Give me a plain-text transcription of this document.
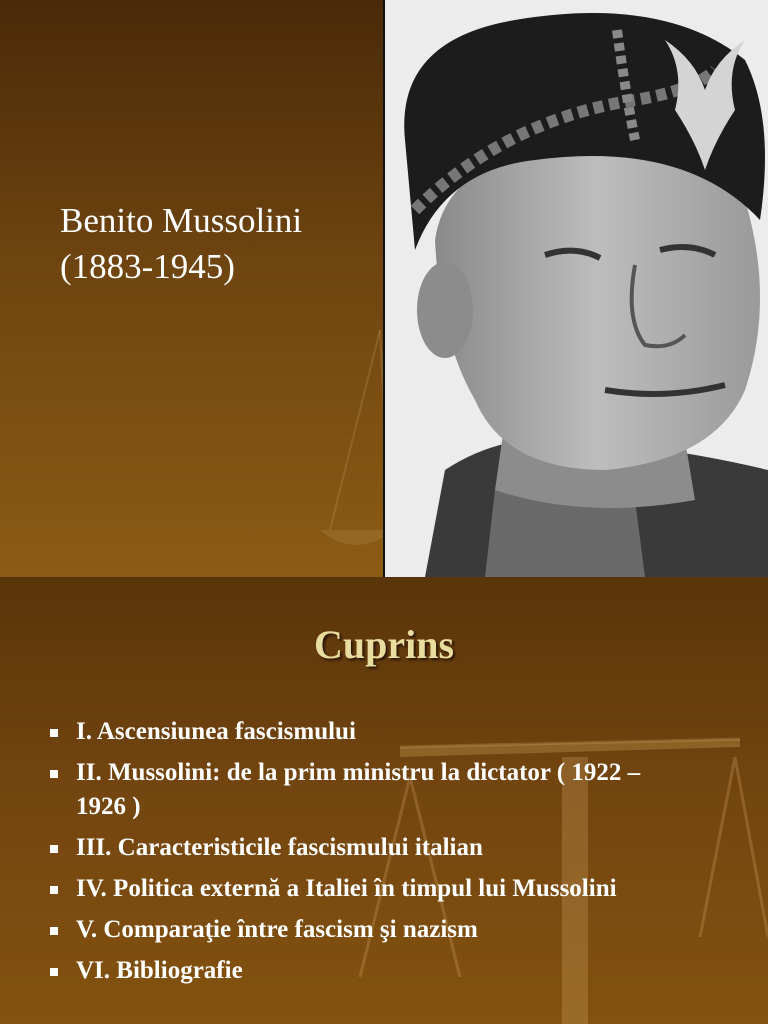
Benito Mussolini
(1883-1945)
Cuprins
I. Ascensiunea fascismului
II. Mussolini: de la prim ministru la dictator ( 1922 – 1926 )
III. Caracteristicile fascismului italian
IV. Politica externă a Italiei în timpul lui Mussolini
V. Comparaţie între fascism şi nazism
VI. Bibliografie
